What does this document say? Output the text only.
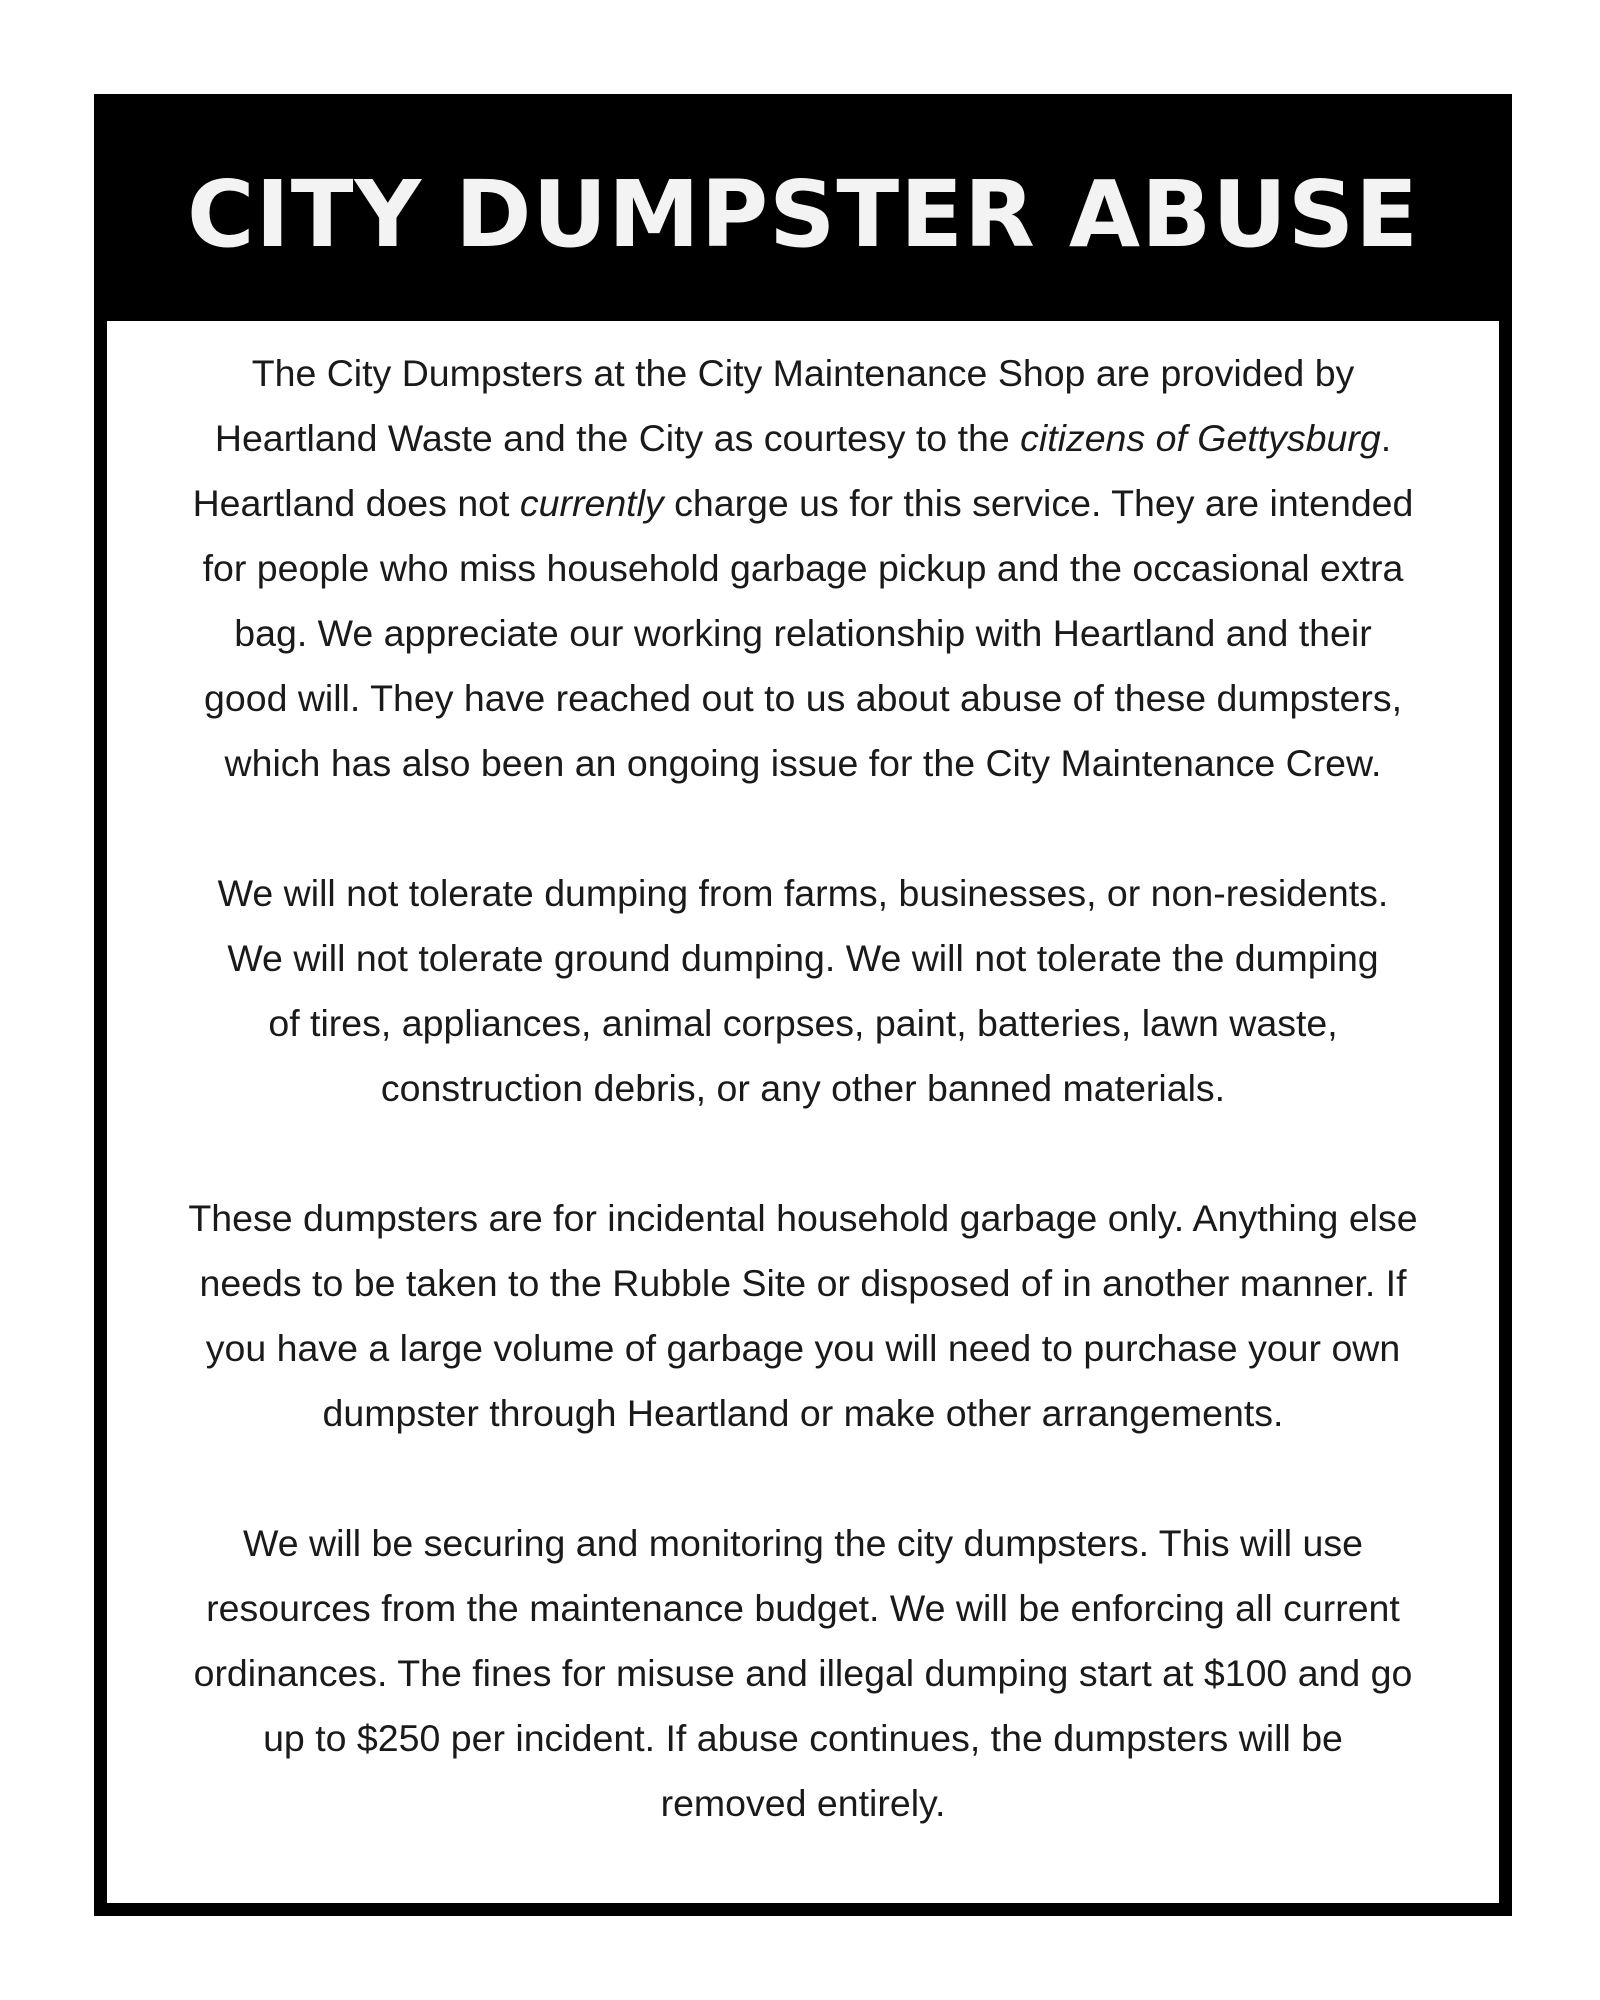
CITY DUMPSTER ABUSE

The City Dumpsters at the City Maintenance Shop are provided by
Heartland Waste and the City as courtesy to the citizens of Gettysburg.
Heartland does not currently charge us for this service. They are intended
for people who miss household garbage pickup and the occasional extra
bag. We appreciate our working relationship with Heartland and their
good will. They have reached out to us about abuse of these dumpsters,
which has also been an ongoing issue for the City Maintenance Crew.

We will not tolerate dumping from farms, businesses, or non-residents.
We will not tolerate ground dumping. We will not tolerate the dumping
of tires, appliances, animal corpses, paint, batteries, lawn waste,
construction debris, or any other banned materials.

These dumpsters are for incidental household garbage only. Anything else
needs to be taken to the Rubble Site or disposed of in another manner. If
you have a large volume of garbage you will need to purchase your own
dumpster through Heartland or make other arrangements.

We will be securing and monitoring the city dumpsters. This will use
resources from the maintenance budget. We will be enforcing all current
ordinances. The fines for misuse and illegal dumping start at $100 and go
up to $250 per incident. If abuse continues, the dumpsters will be
removed entirely.
